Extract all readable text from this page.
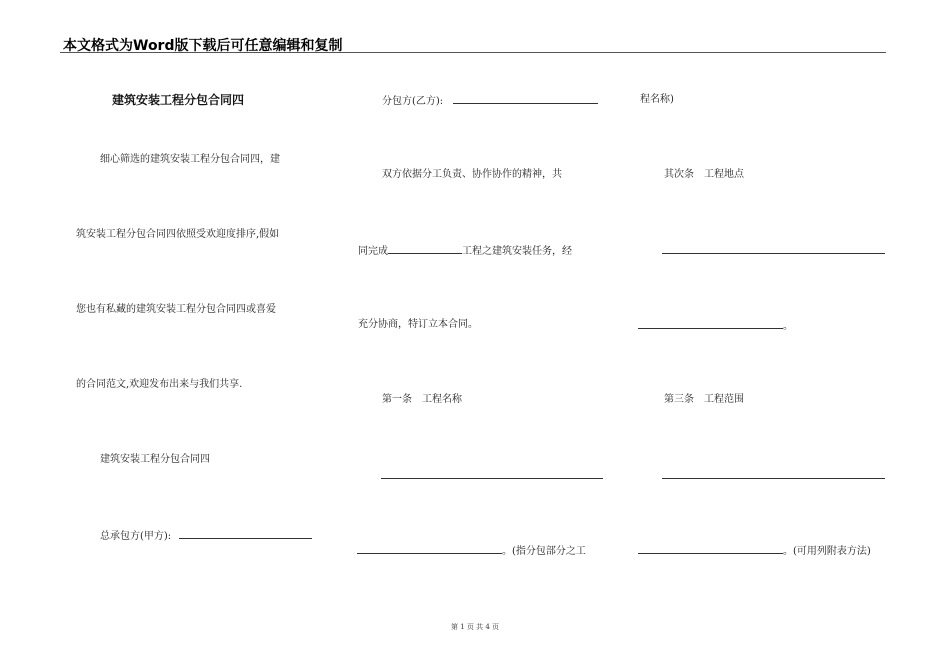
本文格式为Word版下载后可任意编辑和复制
建筑安装工程分包合同四
细心筛选的建筑安装工程分包合同四，建
筑安装工程分包合同四依照受欢迎度排序,假如
您也有私藏的建筑安装工程分包合同四或喜爱
的合同范文,欢迎发布出来与我们共享.
建筑安装工程分包合同四
总承包方(甲方):
分包方(乙方):
双方依据分工负责、协作协作的精神，共
同完成	工程之建筑安装任务，经
充分协商，特订立本合同。
第一条　工程名称
。(指分包部分之工
程名称)
其次条　工程地点
。
第三条　工程范围
。(可用列附表方法)
第 1 页 共 4 页
